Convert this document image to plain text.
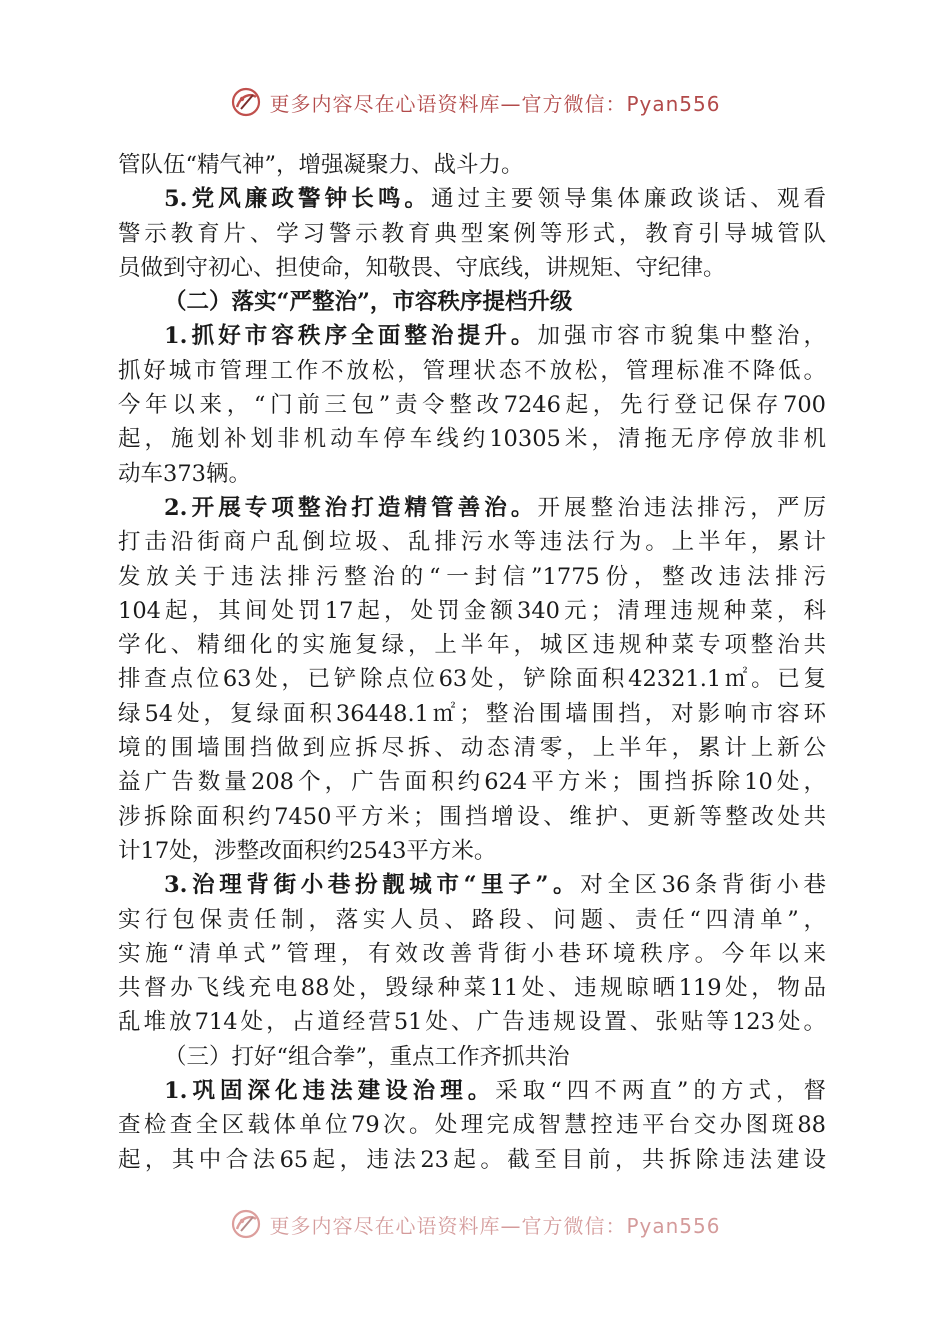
更多内容尽在心语资料库—官方微信：Pyan556
管队伍“精气神”，增强凝聚力、战斗力。
5.党风廉政警钟长鸣。通过主要领导集体廉政谈话、观看
警示教育片、学习警示教育典型案例等形式，教育引导城管队
员做到守初心、担使命，知敬畏、守底线，讲规矩、守纪律。
（二）落实“严整治”，市容秩序提档升级
1.抓好市容秩序全面整治提升。加强市容市貌集中整治，
抓好城市管理工作不放松，管理状态不放松，管理标准不降低。
今年以来，“门前三包”责令整改7246起，先行登记保存700
起，施划补划非机动车停车线约10305米，清拖无序停放非机
动车373辆。
2.开展专项整治打造精管善治。开展整治违法排污，严厉
打击沿街商户乱倒垃圾、乱排污水等违法行为。上半年，累计
发放关于违法排污整治的“一封信”1775份，整改违法排污
104起，其间处罚17起，处罚金额340元；清理违规种菜，科
学化、精细化的实施复绿，上半年，城区违规种菜专项整治共
排查点位63处，已铲除点位63处，铲除面积42321.1㎡。已复
绿54处，复绿面积36448.1㎡；整治围墙围挡，对影响市容环
境的围墙围挡做到应拆尽拆、动态清零，上半年，累计上新公
益广告数量208个，广告面积约624平方米；围挡拆除10处，
涉拆除面积约7450平方米；围挡增设、维护、更新等整改处共
计17处，涉整改面积约2543平方米。
3.治理背街小巷扮靓城市“里子”。对全区36条背街小巷
实行包保责任制，落实人员、路段、问题、责任“四清单”，
实施“清单式”管理，有效改善背街小巷环境秩序。今年以来
共督办飞线充电88处，毁绿种菜11处、违规晾晒119处，物品
乱堆放714处，占道经营51处、广告违规设置、张贴等123处。
（三）打好“组合拳”，重点工作齐抓共治
1.巩固深化违法建设治理。采取“四不两直”的方式，督
查检查全区载体单位79次。处理完成智慧控违平台交办图斑88
起，其中合法65起，违法23起。截至目前，共拆除违法建设
更多内容尽在心语资料库—官方微信：Pyan556
